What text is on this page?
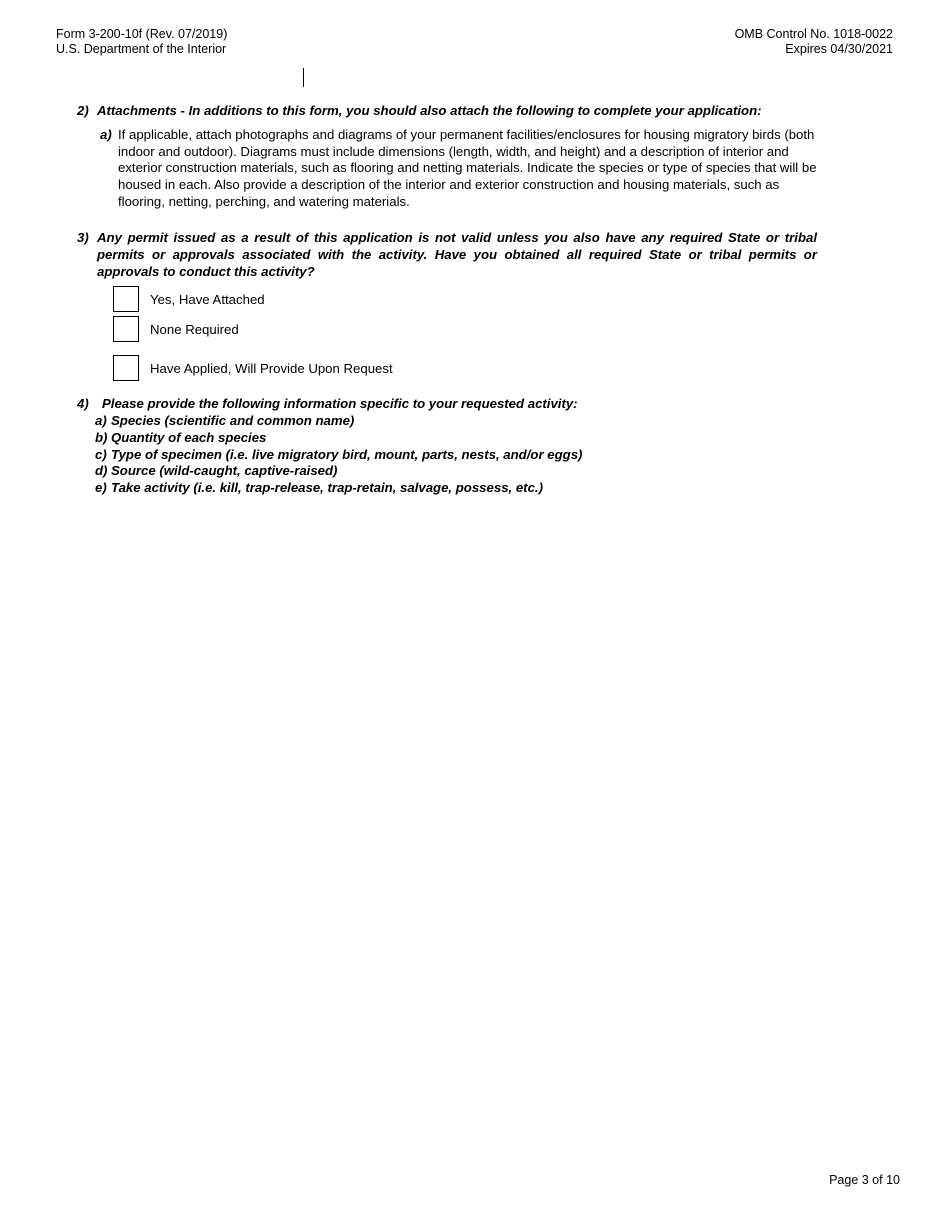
Form 3-200-10f (Rev. 07/2019)
U.S. Department of the Interior
OMB Control No. 1018-0022
Expires 04/30/2021
2) Attachments - In additions to this form, you should also attach the following to complete your application:
a) If applicable, attach photographs and diagrams of your permanent facilities/enclosures for housing migratory birds (both indoor and outdoor). Diagrams must include dimensions (length, width, and height) and a description of interior and exterior construction materials, such as flooring and netting materials. Indicate the species or type of species that will be housed in each. Also provide a description of the interior and exterior construction and housing materials, such as flooring, netting, perching, and watering materials.
3) Any permit issued as a result of this application is not valid unless you also have any required State or tribal permits or approvals associated with the activity. Have you obtained all required State or tribal permits or approvals to conduct this activity?
Yes, Have Attached
None Required
Have Applied, Will Provide Upon Request
4)	Please provide the following information specific to your requested activity:
a) Species (scientific and common name)
b) Quantity of each species
c) Type of specimen (i.e. live migratory bird, mount, parts, nests, and/or eggs)
d) Source (wild-caught, captive-raised)
e) Take activity (i.e. kill, trap-release, trap-retain, salvage, possess, etc.)
Page 3 of 10
